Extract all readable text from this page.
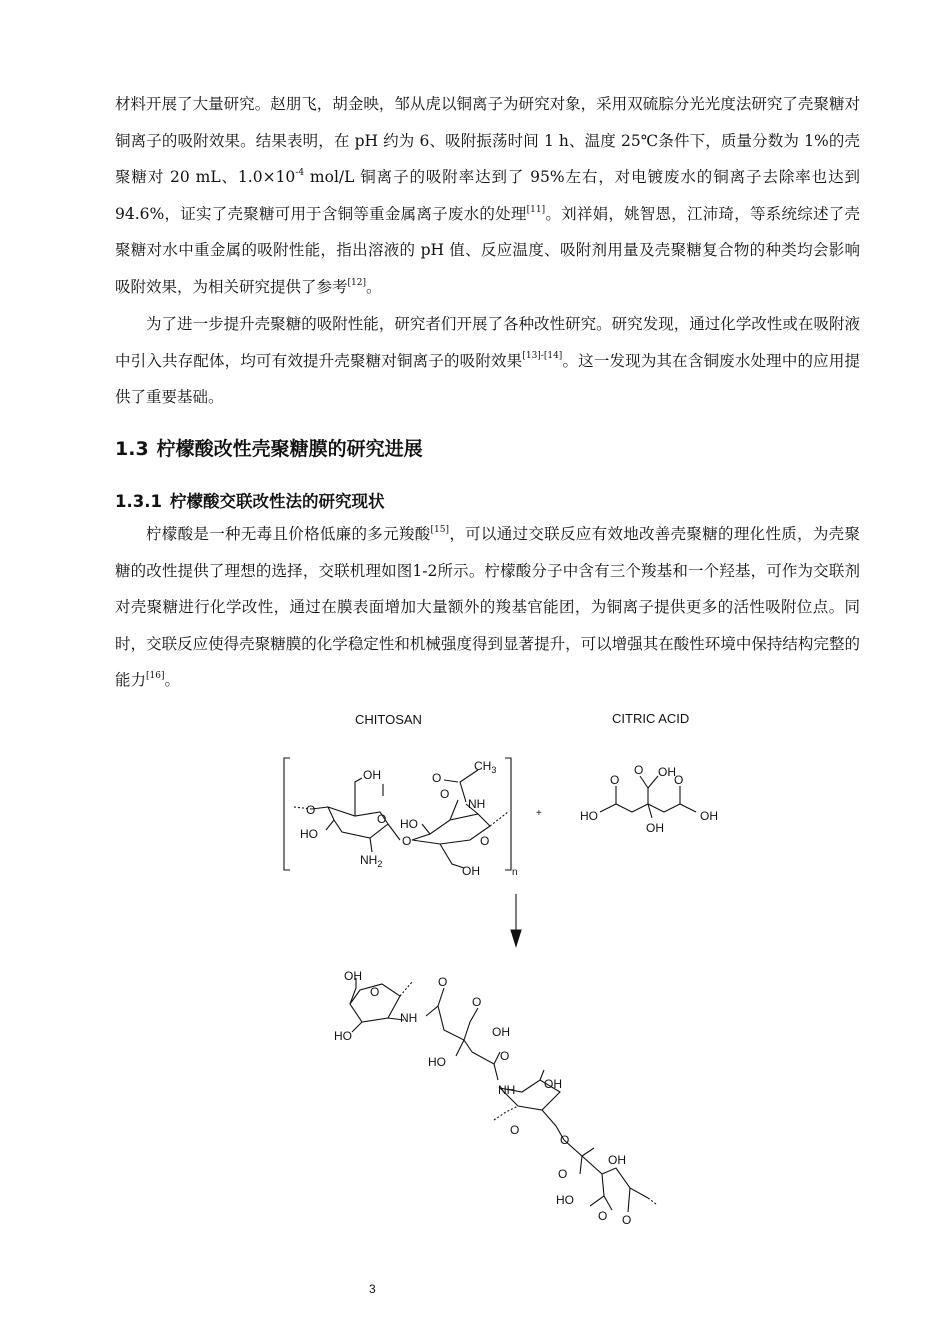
材料开展了大量研究。赵朋飞，胡金映，邹从虎以铜离子为研究对象，采用双硫腙分光光度法研究了壳聚糖对铜离子的吸附效果。结果表明，在 pH 约为 6、吸附振荡时间 1 h、温度 25℃条件下，质量分数为 1%的壳聚糖对 20 mL、$1.0\times 10^{-4}$ mol/L 铜离子的吸附率达到了 95%左右，对电镀废水的铜离子去除率也达到 94.6%，证实了壳聚糖可用于含铜等重金属离子废水的处理[11]。刘祥娟，姚智恩，江沛琦，等系统综述了壳聚糖对水中重金属的吸附性能，指出溶液的 pH 值、反应温度、吸附剂用量及壳聚糖复合物的种类均会影响吸附效果，为相关研究提供了参考[12]。

为了进一步提升壳聚糖的吸附性能，研究者们开展了各种改性研究。研究发现，通过化学改性或在吸附液中引入共存配体，均可有效提升壳聚糖对铜离子的吸附效果[13]-[14]。这一发现为其在含铜废水处理中的应用提供了重要基础。

1.3 柠檬酸改性壳聚糖膜的研究进展
1.3.1 柠檬酸交联改性法的研究现状

柠檬酸是一种无毒且价格低廉的多元羧酸[15]，可以通过交联反应有效地改善壳聚糖的理化性质，为壳聚糖的改性提供了理想的选择，交联机理如图1-2所示。柠檬酸分子中含有三个羧基和一个羟基，可作为交联剂对壳聚糖进行化学改性，通过在膜表面增加大量额外的羧基官能团，为铜离子提供更多的活性吸附位点。同时，交联反应使得壳聚糖膜的化学稳定性和机械强度得到显著提升，可以增强其在酸性环境中保持结构完整的能力[16]。

CHITOSAN	CITRIC ACID
n
O
OH
O
HO
$NH_2$
O
HO
O
NH
O
$CH_3$
O
OH
+
O
O OH
O
HO
OH
OH
OH
O
HO
NH
O
O
OH
HO	O
NH OH
O
O
O
OH
HO
O O
3
